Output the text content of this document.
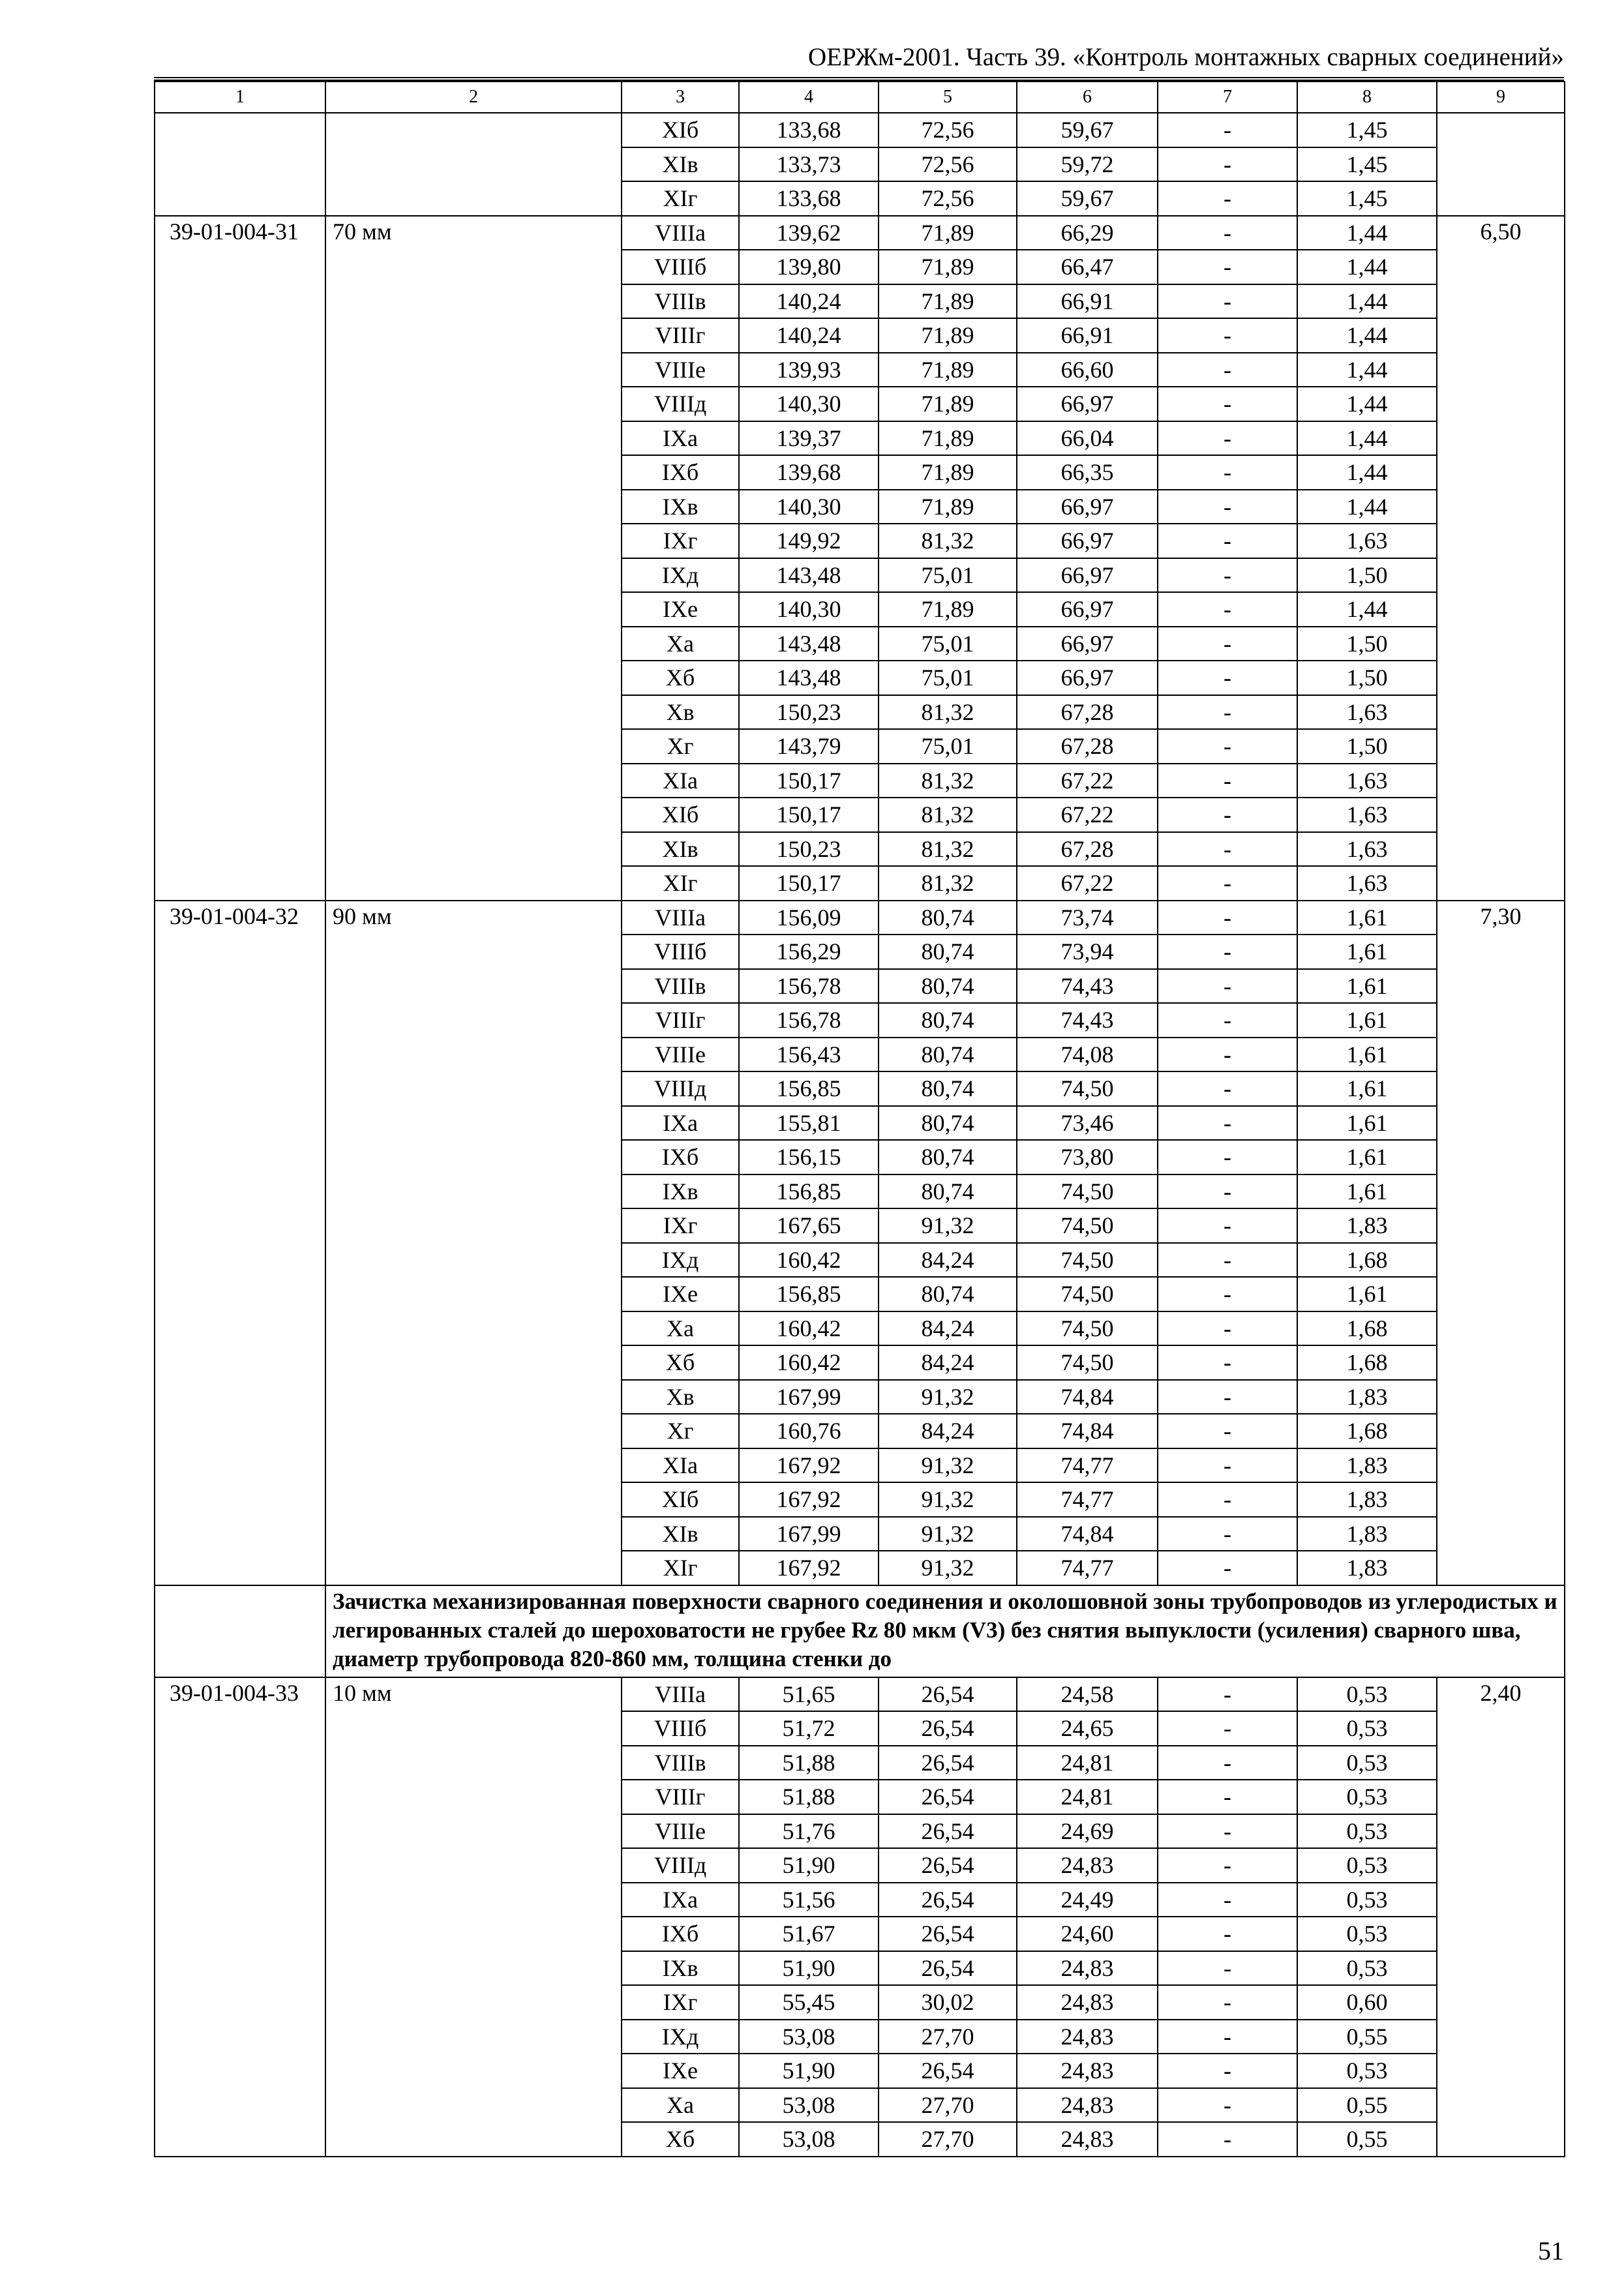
ОЕРЖм-2001. Часть 39. «Контроль монтажных сварных соединений»
1	2	3	4	5	6	7	8	9
		XIб	133,68	72,56	59,67	-	1,45	
		XIв	133,73	72,56	59,72	-	1,45	
		XIг	133,68	72,56	59,67	-	1,45	
39-01-004-31	70 мм	VIIIа	139,62	71,89	66,29	-	1,44	6,50
		VIIIб	139,80	71,89	66,47	-	1,44	
		VIIIв	140,24	71,89	66,91	-	1,44	
		VIIIг	140,24	71,89	66,91	-	1,44	
		VIIIе	139,93	71,89	66,60	-	1,44	
		VIIIд	140,30	71,89	66,97	-	1,44	
		IXа	139,37	71,89	66,04	-	1,44	
		IXб	139,68	71,89	66,35	-	1,44	
		IXв	140,30	71,89	66,97	-	1,44	
		IXг	149,92	81,32	66,97	-	1,63	
		IXд	143,48	75,01	66,97	-	1,50	
		IXе	140,30	71,89	66,97	-	1,44	
		Xа	143,48	75,01	66,97	-	1,50	
		Xб	143,48	75,01	66,97	-	1,50	
		Xв	150,23	81,32	67,28	-	1,63	
		Xг	143,79	75,01	67,28	-	1,50	
		XIа	150,17	81,32	67,22	-	1,63	
		XIб	150,17	81,32	67,22	-	1,63	
		XIв	150,23	81,32	67,28	-	1,63	
		XIг	150,17	81,32	67,22	-	1,63	
39-01-004-32	90 мм	VIIIа	156,09	80,74	73,74	-	1,61	7,30
		VIIIб	156,29	80,74	73,94	-	1,61	
		VIIIв	156,78	80,74	74,43	-	1,61	
		VIIIг	156,78	80,74	74,43	-	1,61	
		VIIIе	156,43	80,74	74,08	-	1,61	
		VIIIд	156,85	80,74	74,50	-	1,61	
		IXа	155,81	80,74	73,46	-	1,61	
		IXб	156,15	80,74	73,80	-	1,61	
		IXв	156,85	80,74	74,50	-	1,61	
		IXг	167,65	91,32	74,50	-	1,83	
		IXд	160,42	84,24	74,50	-	1,68	
		IXе	156,85	80,74	74,50	-	1,61	
		Xа	160,42	84,24	74,50	-	1,68	
		Xб	160,42	84,24	74,50	-	1,68	
		Xв	167,99	91,32	74,84	-	1,83	
		Xг	160,76	84,24	74,84	-	1,68	
		XIа	167,92	91,32	74,77	-	1,83	
		XIб	167,92	91,32	74,77	-	1,83	
		XIв	167,99	91,32	74,84	-	1,83	
		XIг	167,92	91,32	74,77	-	1,83	
	Зачистка механизированная поверхности сварного соединения и околошовной зоны трубопроводов из углеродистых и легированных сталей до шероховатости не грубее Rz 80 мкм (V3) без снятия выпуклости (усиления) сварного шва, диаметр трубопровода 820-860 мм, толщина стенки до							
39-01-004-33	10 мм	VIIIа	51,65	26,54	24,58	-	0,53	2,40
		VIIIб	51,72	26,54	24,65	-	0,53	
		VIIIв	51,88	26,54	24,81	-	0,53	
		VIIIг	51,88	26,54	24,81	-	0,53	
		VIIIе	51,76	26,54	24,69	-	0,53	
		VIIIд	51,90	26,54	24,83	-	0,53	
		IXа	51,56	26,54	24,49	-	0,53	
		IXб	51,67	26,54	24,60	-	0,53	
		IXв	51,90	26,54	24,83	-	0,53	
		IXг	55,45	30,02	24,83	-	0,60	
		IXд	53,08	27,70	24,83	-	0,55	
		IXе	51,90	26,54	24,83	-	0,53	
		Xа	53,08	27,70	24,83	-	0,55	
		Xб	53,08	27,70	24,83	-	0,55	
51
